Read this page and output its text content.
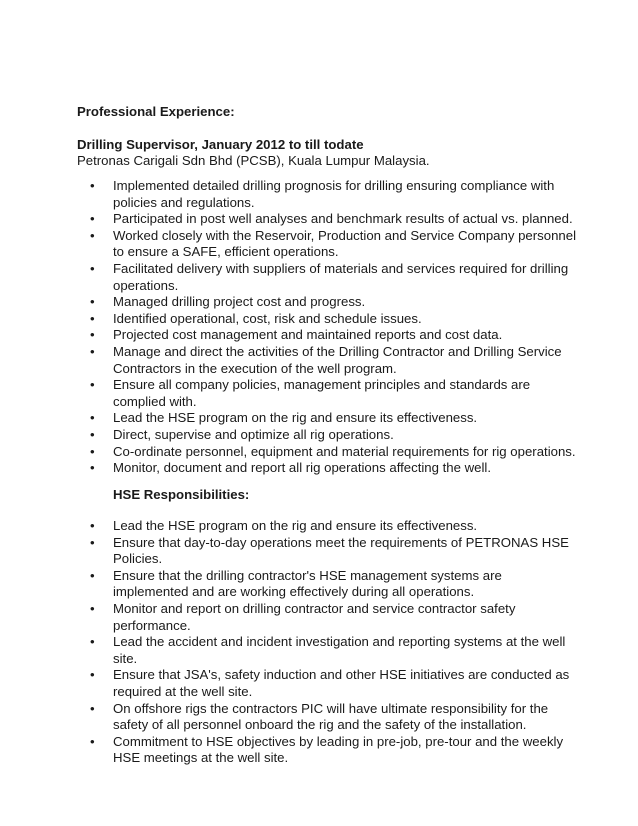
Professional Experience:
Drilling Supervisor, January 2012 to till todate
Petronas Carigali Sdn Bhd (PCSB), Kuala Lumpur Malaysia.
• Implemented detailed drilling prognosis for drilling ensuring compliance with policies and regulations.
• Participated in post well analyses and benchmark results of actual vs. planned.
• Worked closely with the Reservoir, Production and Service Company personnel to ensure a SAFE, efficient operations.
• Facilitated delivery with suppliers of materials and services required for drilling operations.
• Managed drilling project cost and progress.
• Identified operational, cost, risk and schedule issues.
• Projected cost management and maintained reports and cost data.
• Manage and direct the activities of the Drilling Contractor and Drilling Service Contractors in the execution of the well program.
• Ensure all company policies, management principles and standards are complied with.
• Lead the HSE program on the rig and ensure its effectiveness.
• Direct, supervise and optimize all rig operations.
• Co-ordinate personnel, equipment and material requirements for rig operations.
• Monitor, document and report all rig operations affecting the well.
HSE Responsibilities:
• Lead the HSE program on the rig and ensure its effectiveness.
• Ensure that day-to-day operations meet the requirements of PETRONAS HSE Policies.
• Ensure that the drilling contractor's HSE management systems are implemented and are working effectively during all operations.
• Monitor and report on drilling contractor and service contractor safety performance.
• Lead the accident and incident investigation and reporting systems at the well site.
• Ensure that JSA's, safety induction and other HSE initiatives are conducted as required at the well site.
• On offshore rigs the contractors PIC will have ultimate responsibility for the safety of all personnel onboard the rig and the safety of the installation.
• Commitment to HSE objectives by leading in pre-job, pre-tour and the weekly HSE meetings at the well site.
